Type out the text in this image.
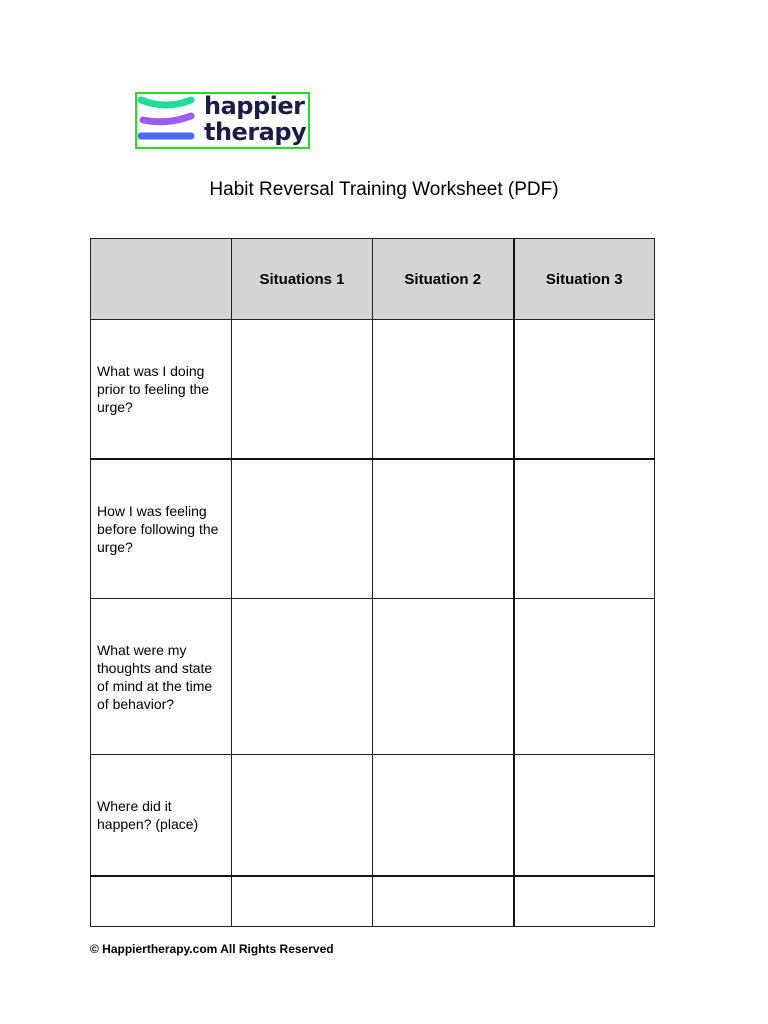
happier
therapy
Habit Reversal Training Worksheet (PDF)
	Situations 1	Situation 2	Situation 3
What was I doing prior to feeling the urge?			
How I was feeling before following the urge?			
What were my thoughts and state of mind at the time of behavior?			
Where did it happen? (place)			

© Happiertherapy.com All Rights Reserved
